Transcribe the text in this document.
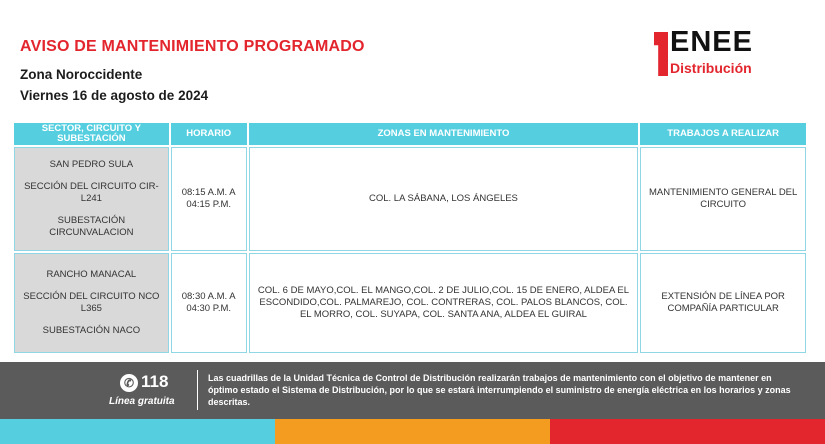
AVISO DE MANTENIMIENTO PROGRAMADO
Zona Noroccidente
Viernes 16 de agosto de 2024
ENEE
Distribución
SECTOR, CIRCUITO Y SUBESTACIÓN	HORARIO	ZONAS EN MANTENIMIENTO	TRABAJOS A REALIZAR

SAN PEDRO SULA
SECCIÓN DEL CIRCUITO CIR-L241
SUBESTACIÓN CIRCUNVALACION	08:15 A.M. A 04:15 P.M.	COL. LA SÁBANA, LOS ÁNGELES	MANTENIMIENTO GENERAL DEL CIRCUITO

RANCHO MANACAL
SECCIÓN DEL CIRCUITO NCO L365
SUBESTACIÓN NACO	08:30 A.M. A 04:30 P.M.	COL. 6 DE MAYO,COL. EL MANGO,COL. 2 DE JULIO,COL. 15 DE ENERO, ALDEA EL ESCONDIDO,COL. PALMAREJO, COL. CONTRERAS, COL. PALOS BLANCOS, COL. EL MORRO, COL. SUYAPA, COL. SANTA ANA, ALDEA EL GUIRAL	EXTENSIÓN DE LÍNEA POR COMPAÑÍA PARTICULAR
✆ 118
Línea gratuita
Las cuadrillas de la Unidad Técnica de Control de Distribución realizarán trabajos de mantenimiento con el objetivo de mantener en óptimo estado el Sistema de Distribución, por lo que se estará interrumpiendo el suministro de energía eléctrica en los horarios y zonas descritas.
